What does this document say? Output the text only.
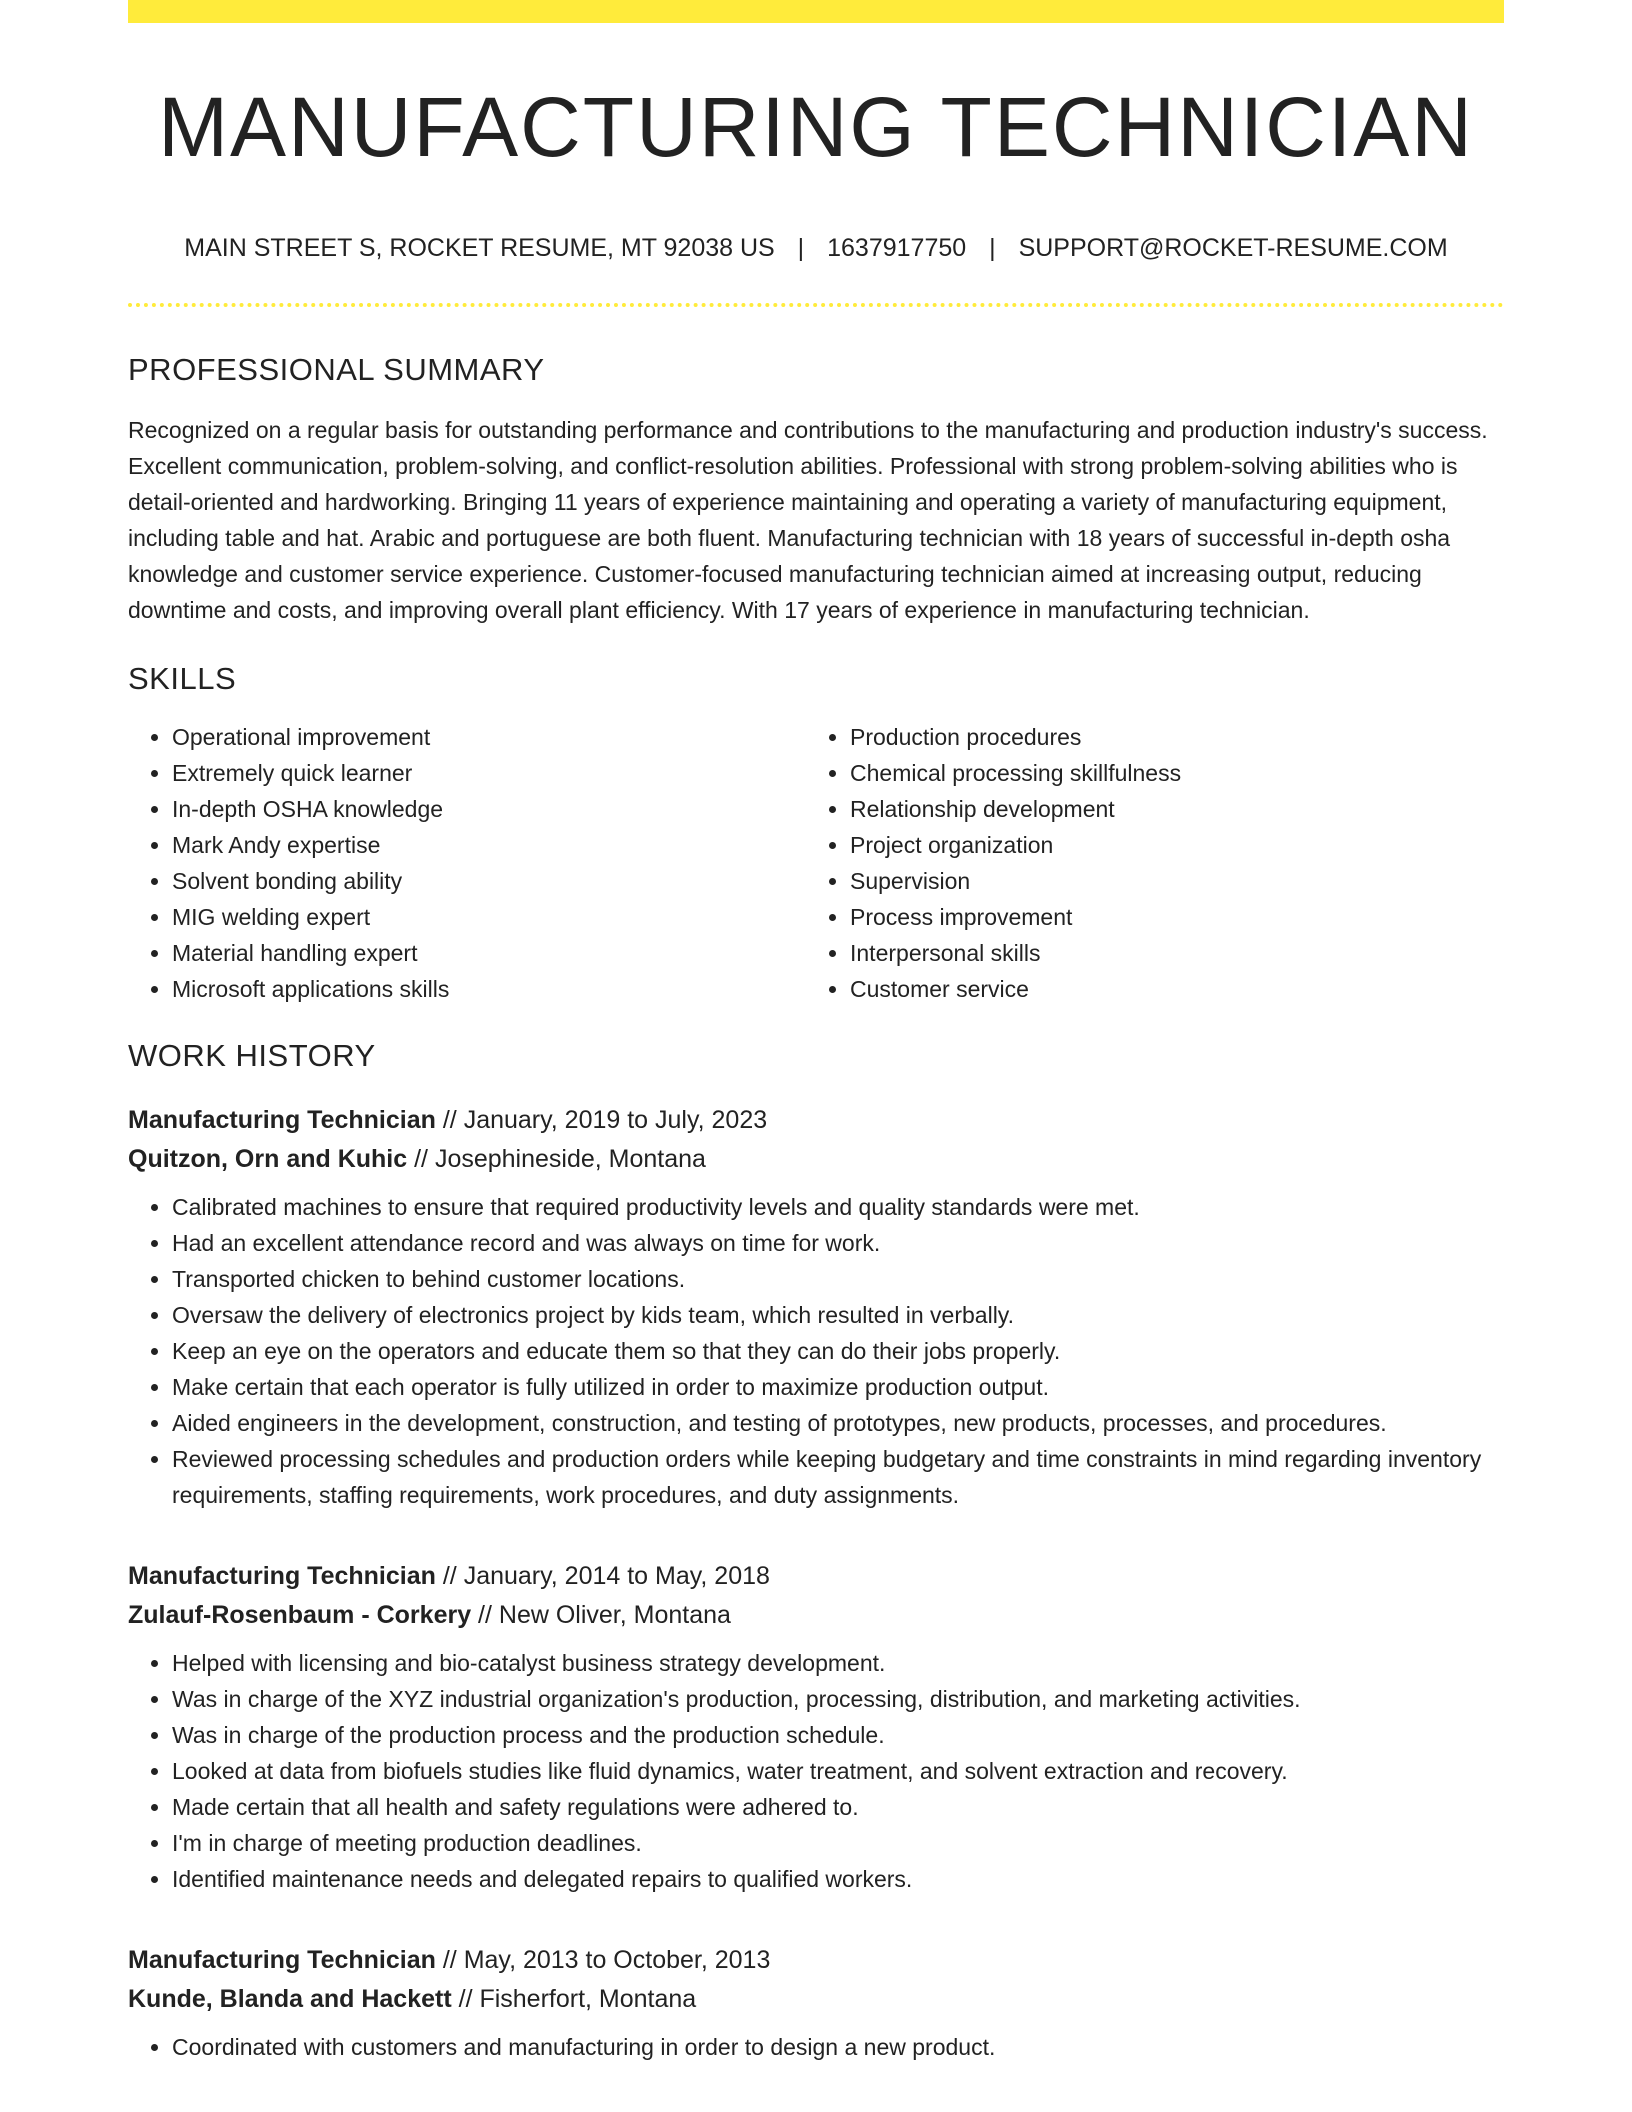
MANUFACTURING TECHNICIAN
MAIN STREET S, ROCKET RESUME, MT 92038 US | 1637917750 | SUPPORT@ROCKET-RESUME.COM
PROFESSIONAL SUMMARY

Recognized on a regular basis for outstanding performance and contributions to the manufacturing and production industry's success. Excellent communication, problem-solving, and conflict-resolution abilities. Professional with strong problem-solving abilities who is detail-oriented and hardworking. Bringing 11 years of experience maintaining and operating a variety of manufacturing equipment, including table and hat. Arabic and portuguese are both fluent. Manufacturing technician with 18 years of successful in-depth osha knowledge and customer service experience. Customer-focused manufacturing technician aimed at increasing output, reducing downtime and costs, and improving overall plant efficiency. With 17 years of experience in manufacturing technician.

SKILLS
• Operational improvement
• Extremely quick learner
• In-depth OSHA knowledge
• Mark Andy expertise
• Solvent bonding ability
• MIG welding expert
• Material handling expert
• Microsoft applications skills
• Production procedures
• Chemical processing skillfulness
• Relationship development
• Project organization
• Supervision
• Process improvement
• Interpersonal skills
• Customer service
WORK HISTORY
Manufacturing Technician // January, 2019 to July, 2023
Quitzon, Orn and Kuhic // Josephineside, Montana
• Calibrated machines to ensure that required productivity levels and quality standards were met.
• Had an excellent attendance record and was always on time for work.
• Transported chicken to behind customer locations.
• Oversaw the delivery of electronics project by kids team, which resulted in verbally.
• Keep an eye on the operators and educate them so that they can do their jobs properly.
• Make certain that each operator is fully utilized in order to maximize production output.
• Aided engineers in the development, construction, and testing of prototypes, new products, processes, and procedures.
• Reviewed processing schedules and production orders while keeping budgetary and time constraints in mind regarding inventory requirements, staffing requirements, work procedures, and duty assignments.
Manufacturing Technician // January, 2014 to May, 2018
Zulauf-Rosenbaum - Corkery // New Oliver, Montana
• Helped with licensing and bio-catalyst business strategy development.
• Was in charge of the XYZ industrial organization's production, processing, distribution, and marketing activities.
• Was in charge of the production process and the production schedule.
• Looked at data from biofuels studies like fluid dynamics, water treatment, and solvent extraction and recovery.
• Made certain that all health and safety regulations were adhered to.
• I'm in charge of meeting production deadlines.
• Identified maintenance needs and delegated repairs to qualified workers.
Manufacturing Technician // May, 2013 to October, 2013
Kunde, Blanda and Hackett // Fisherfort, Montana
• Coordinated with customers and manufacturing in order to design a new product.
